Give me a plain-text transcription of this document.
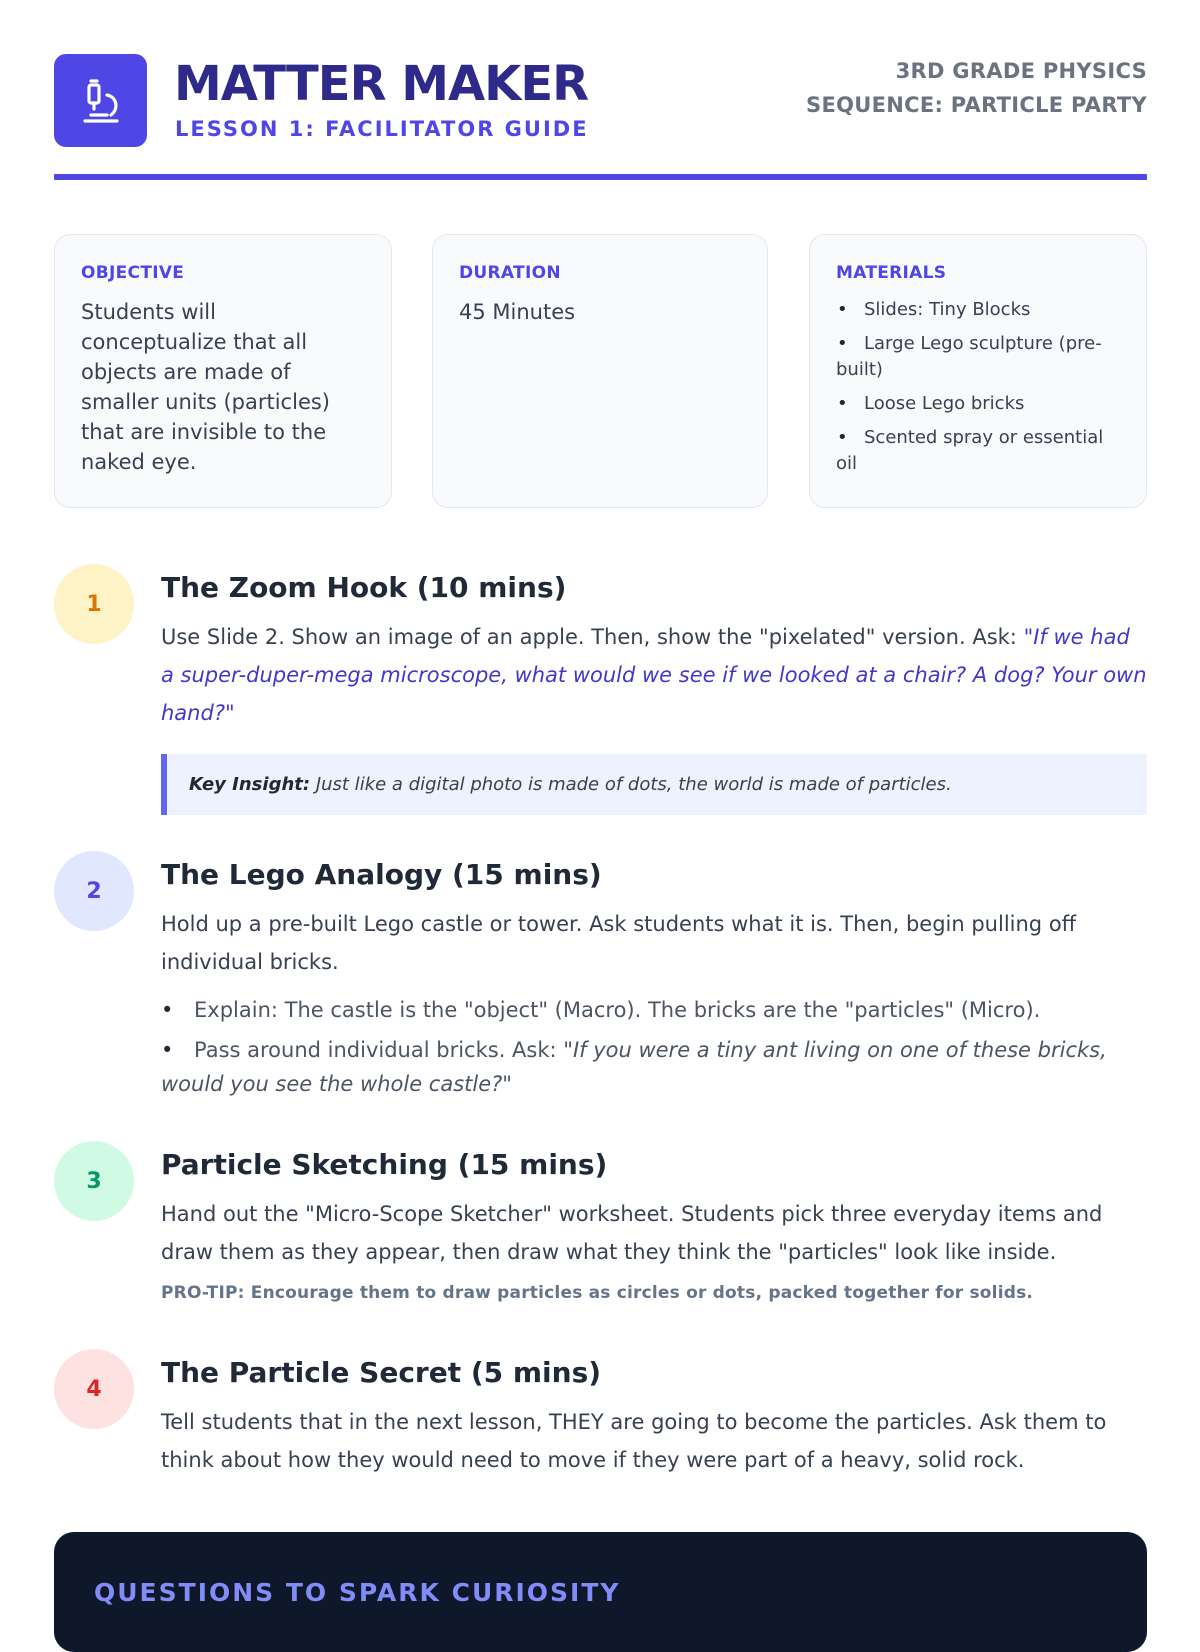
MATTER MAKER
LESSON 1: FACILITATOR GUIDE
3RD GRADE PHYSICS
SEQUENCE: PARTICLE PARTY
OBJECTIVE

Students will conceptualize that all objects are made of smaller units (particles) that are invisible to the naked eye.

DURATION

45 Minutes

MATERIALS
• Slides: Tiny Blocks
• Large Lego sculpture (pre-built)
• Loose Lego bricks
• Scented spray or essential oil
1	The Zoom Hook (10 mins)

Use Slide 2. Show an image of an apple. Then, show the "pixelated" version. Ask: "If we had a super-duper-mega microscope, what would we see if we looked at a chair? A dog? Your own hand?"

Key Insight: Just like a digital photo is made of dots, the world is made of particles.
2	The Lego Analogy (15 mins)

Hold up a pre-built Lego castle or tower. Ask students what it is. Then, begin pulling off individual bricks.

• Explain: The castle is the "object" (Macro). The bricks are the "particles" (Micro).
• Pass around individual bricks. Ask: "If you were a tiny ant living on one of these bricks, would you see the whole castle?"
3	Particle Sketching (15 mins)

Hand out the "Micro-Scope Sketcher" worksheet. Students pick three everyday items and draw them as they appear, then draw what they think the "particles" look like inside.

PRO-TIP: Encourage them to draw particles as circles or dots, packed together for solids.
4	The Particle Secret (5 mins)

Tell students that in the next lesson, THEY are going to become the particles. Ask them to think about how they would need to move if they were part of a heavy, solid rock.

QUESTIONS TO SPARK CURIOSITY
